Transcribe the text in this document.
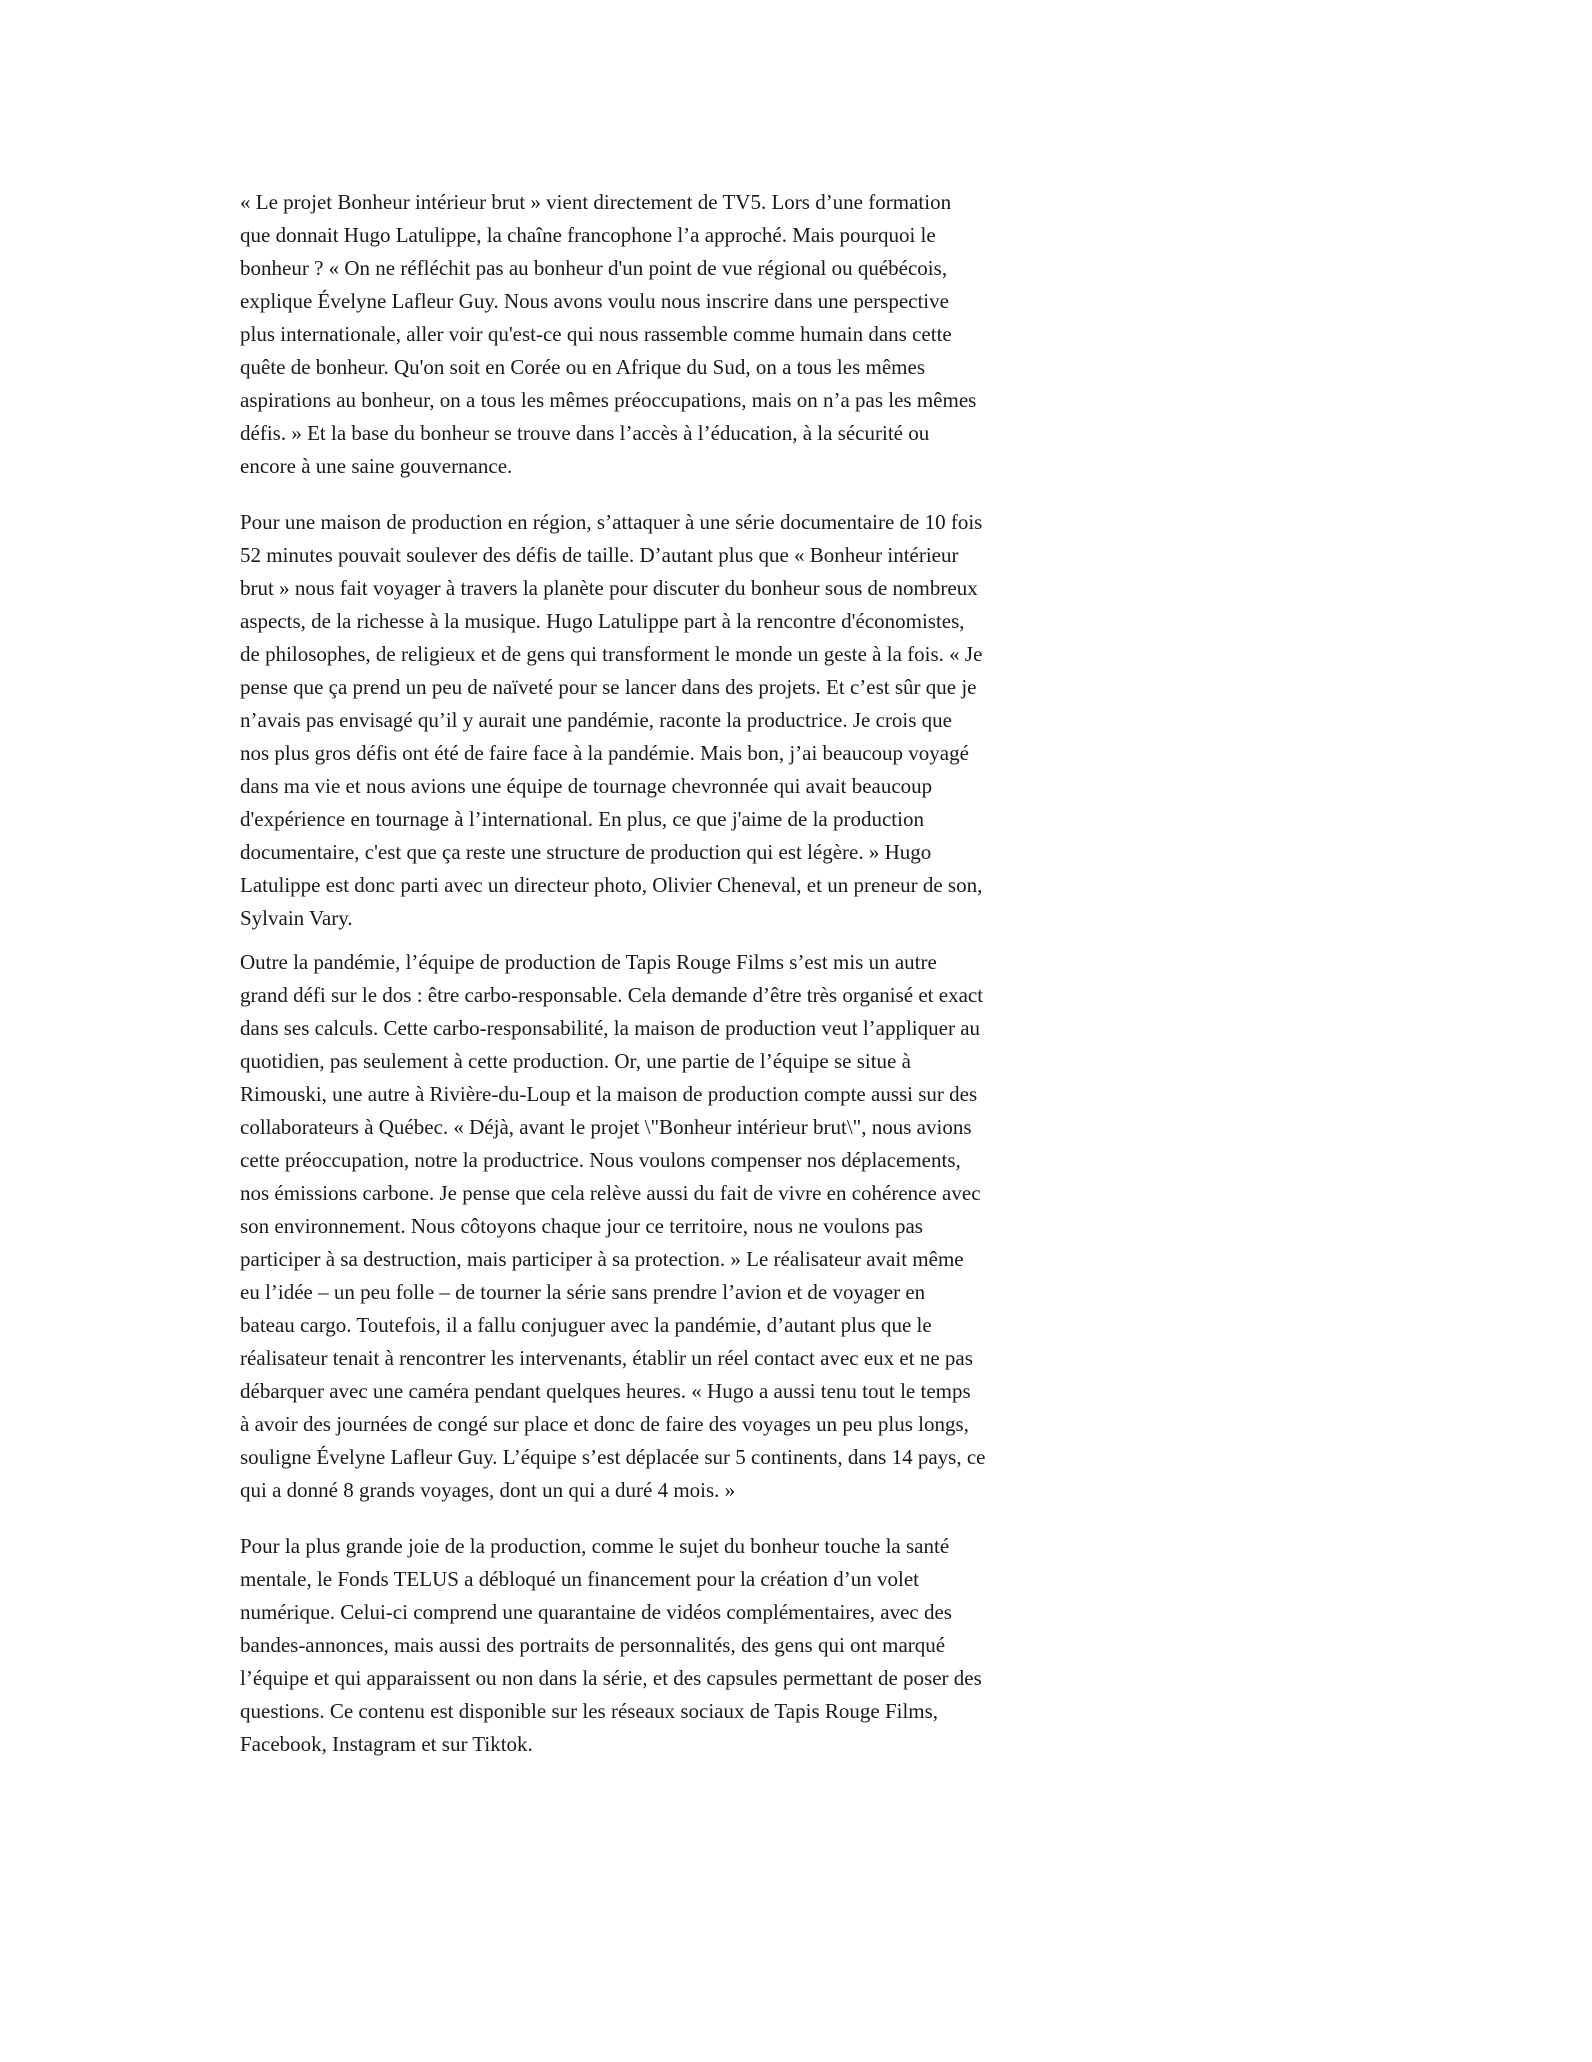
« Le projet Bonheur intérieur brut » vient directement de TV5. Lors d’une formation
que donnait Hugo Latulippe, la chaîne francophone l’a approché. Mais pourquoi le
bonheur ? « On ne réfléchit pas au bonheur d'un point de vue régional ou québécois,
explique Évelyne Lafleur Guy. Nous avons voulu nous inscrire dans une perspective
plus internationale, aller voir qu'est-ce qui nous rassemble comme humain dans cette
quête de bonheur. Qu'on soit en Corée ou en Afrique du Sud, on a tous les mêmes
aspirations au bonheur, on a tous les mêmes préoccupations, mais on n’a pas les mêmes
défis. » Et la base du bonheur se trouve dans l’accès à l’éducation, à la sécurité ou
encore à une saine gouvernance.

Pour une maison de production en région, s’attaquer à une série documentaire de 10 fois
52 minutes pouvait soulever des défis de taille. D’autant plus que « Bonheur intérieur
brut » nous fait voyager à travers la planète pour discuter du bonheur sous de nombreux
aspects, de la richesse à la musique. Hugo Latulippe part à la rencontre d'économistes,
de philosophes, de religieux et de gens qui transforment le monde un geste à la fois. « Je
pense que ça prend un peu de naïveté pour se lancer dans des projets. Et c’est sûr que je
n’avais pas envisagé qu’il y aurait une pandémie, raconte la productrice. Je crois que
nos plus gros défis ont été de faire face à la pandémie. Mais bon, j’ai beaucoup voyagé
dans ma vie et nous avions une équipe de tournage chevronnée qui avait beaucoup
d'expérience en tournage à l’international. En plus, ce que j'aime de la production
documentaire, c'est que ça reste une structure de production qui est légère. » Hugo
Latulippe est donc parti avec un directeur photo, Olivier Cheneval, et un preneur de son,
Sylvain Vary.

Outre la pandémie, l’équipe de production de Tapis Rouge Films s’est mis un autre
grand défi sur le dos : être carbo-responsable. Cela demande d’être très organisé et exact
dans ses calculs. Cette carbo-responsabilité, la maison de production veut l’appliquer au
quotidien, pas seulement à cette production. Or, une partie de l’équipe se situe à
Rimouski, une autre à Rivière-du-Loup et la maison de production compte aussi sur des
collaborateurs à Québec. « Déjà, avant le projet \"Bonheur intérieur brut\", nous avions
cette préoccupation, notre la productrice. Nous voulons compenser nos déplacements,
nos émissions carbone. Je pense que cela relève aussi du fait de vivre en cohérence avec
son environnement. Nous côtoyons chaque jour ce territoire, nous ne voulons pas
participer à sa destruction, mais participer à sa protection. » Le réalisateur avait même
eu l’idée – un peu folle – de tourner la série sans prendre l’avion et de voyager en
bateau cargo. Toutefois, il a fallu conjuguer avec la pandémie, d’autant plus que le
réalisateur tenait à rencontrer les intervenants, établir un réel contact avec eux et ne pas
débarquer avec une caméra pendant quelques heures. « Hugo a aussi tenu tout le temps
à avoir des journées de congé sur place et donc de faire des voyages un peu plus longs,
souligne Évelyne Lafleur Guy. L’équipe s’est déplacée sur 5 continents, dans 14 pays, ce
qui a donné 8 grands voyages, dont un qui a duré 4 mois. »

Pour la plus grande joie de la production, comme le sujet du bonheur touche la santé
mentale, le Fonds TELUS a débloqué un financement pour la création d’un volet
numérique. Celui-ci comprend une quarantaine de vidéos complémentaires, avec des
bandes-annonces, mais aussi des portraits de personnalités, des gens qui ont marqué
l’équipe et qui apparaissent ou non dans la série, et des capsules permettant de poser des
questions. Ce contenu est disponible sur les réseaux sociaux de Tapis Rouge Films,
Facebook, Instagram et sur Tiktok.
